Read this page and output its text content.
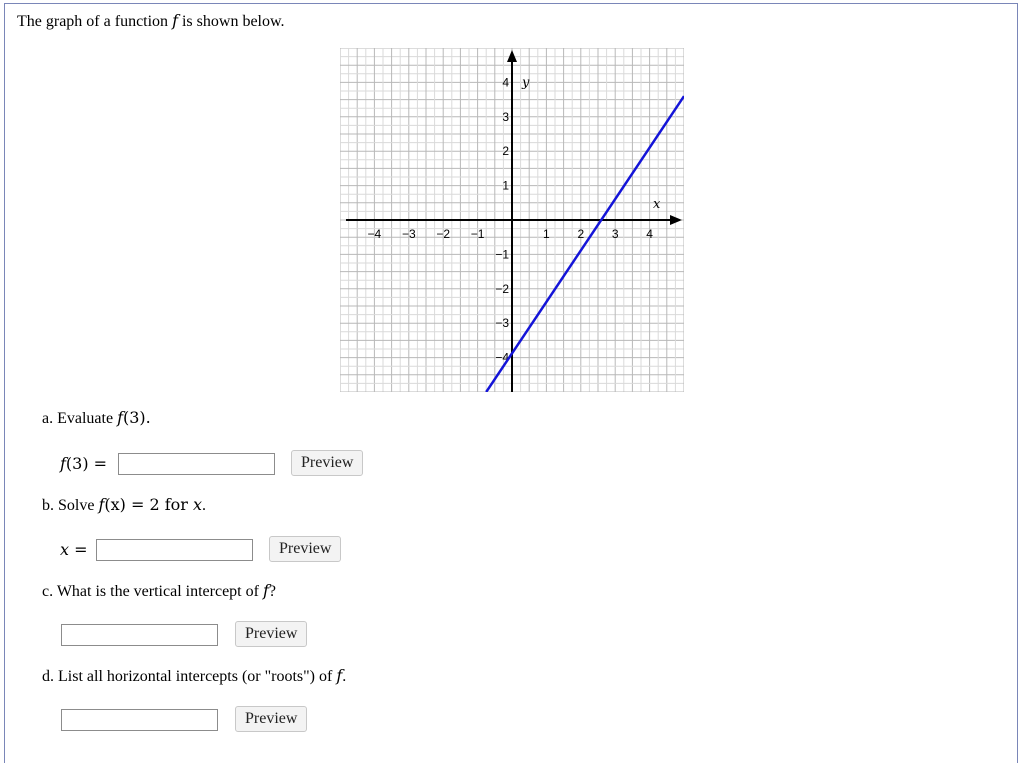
The graph of a function f is shown below.
x
y
−4 −3 −2 −1	1 2 3 4
4
3
2
1
−1
−2
−3
−4
a. Evaluate f(3).
f(3) =	Preview
b. Solve f(x) = 2 for x.
x =	Preview
c. What is the vertical intercept of f?
Preview
d. List all horizontal intercepts (or "roots") of f.
Preview
